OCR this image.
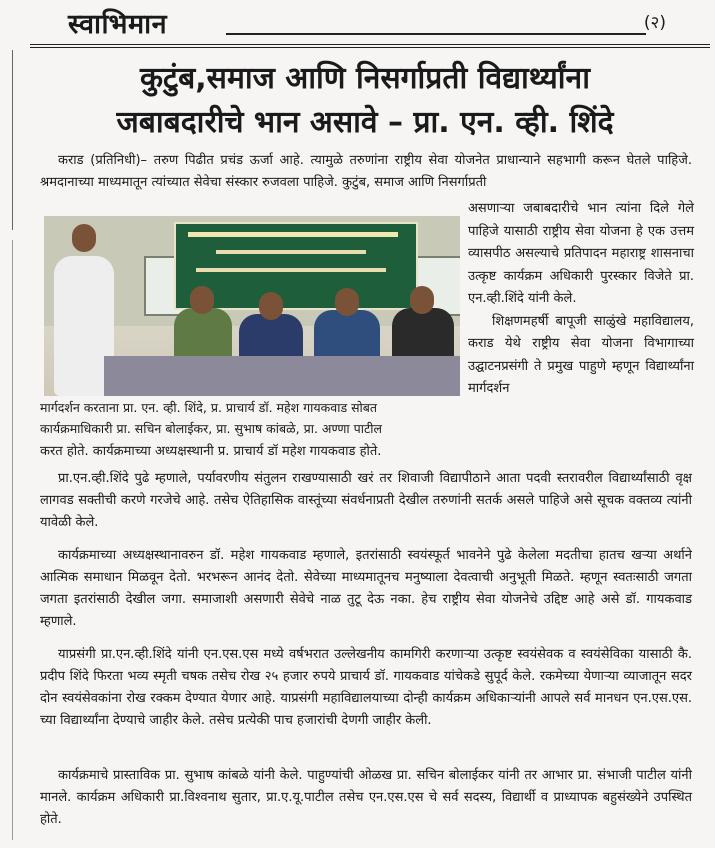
स्वाभिमान	(२)
कुटुंब,समाज आणि निसर्गाप्रती विद्यार्थ्यांना
जबाबदारीचे भान असावे – प्रा. एन. व्ही. शिंदे

कराड (प्रतिनिधी)– तरुण पिढीत प्रचंड ऊर्जा आहे. त्यामुळे तरुणांना राष्ट्रीय सेवा योजनेत प्राधान्याने सहभागी करून घेतले पाहिजे. श्रमदानाच्या माध्यमातून त्यांच्यात सेवेचा संस्कार रुजवला पाहिजे. कुटुंब, समाज आणि निसर्गाप्रती

असणाऱ्या जबाबदारीचे भान त्यांना दिले गेले पाहिजे यासाठी राष्ट्रीय सेवा योजना हे एक उत्तम व्यासपीठ असल्याचे प्रतिपादन महाराष्ट्र शासनाचा उत्कृष्ट कार्यक्रम अधिकारी पुरस्कार विजेते प्रा. एन.व्ही.शिंदे यांनी केले.

शिक्षणमहर्षी बापूजी साळुंखे महाविद्यालय, कराड येथे राष्ट्रीय सेवा योजना विभागाच्या उद्घाटनप्रसंगी ते प्रमुख पाहुणे म्हणून विद्यार्थ्यांना मार्गदर्शन

मार्गदर्शन करताना प्रा. एन. व्ही. शिंदे, प्र. प्राचार्य डॉ. महेश गायकवाड सोबत
कार्यक्रमाधिकारी प्रा. सचिन बोलाईकर, प्रा. सुभाष कांबळे, प्रा. अण्णा पाटील

करत होते. कार्यक्रमाच्या अध्यक्षस्थानी प्र. प्राचार्य डॉ महेश गायकवाड होते.

प्रा.एन.व्ही.शिंदे पुढे म्हणाले, पर्यावरणीय संतुलन राखण्यासाठी खरं तर शिवाजी विद्यापीठाने आता पदवी स्तरावरील विद्यार्थ्यांसाठी वृक्ष लागवड सक्तीची करणे गरजेचे आहे. तसेच ऐतिहासिक वास्तूंच्या संवर्धनाप्रती देखील तरुणांनी सतर्क असले पाहिजे असे सूचक वक्तव्य त्यांनी यावेळी केले.

कार्यक्रमाच्या अध्यक्षस्थानावरुन डॉ. महेश गायकवाड म्हणाले, इतरांसाठी स्वयंस्फूर्त भावनेने पुढे केलेला मदतीचा हातच खऱ्या अर्थाने आत्मिक समाधान मिळवून देतो. भरभरून आनंद देतो. सेवेच्या माध्यमातूनच मनुष्याला देवत्वाची अनुभूती मिळते. म्हणून स्वतःसाठी जगता जगता इतरांसाठी देखील जगा. समाजाशी असणारी सेवेचे नाळ तुटू देऊ नका. हेच राष्ट्रीय सेवा योजनेचे उद्दिष्ट आहे असे डॉ. गायकवाड म्हणाले.

याप्रसंगी प्रा.एन.व्ही.शिंदे यांनी एन.एस.एस मध्ये वर्षभरात उल्लेखनीय कामगिरी करणाऱ्या उत्कृष्ट स्वयंसेवक व स्वयंसेविका यासाठी कै. प्रदीप शिंदे फिरता भव्य स्मृती चषक तसेच रोख २५ हजार रुपये प्राचार्य डॉ. गायकवाड यांचेकडे सुपूर्द केले. रकमेच्या येणाऱ्या व्याजातून सदर दोन स्वयंसेवकांना रोख रक्कम देण्यात येणार आहे. याप्रसंगी महाविद्यालयाच्या दोन्ही कार्यक्रम अधिकाऱ्यांनी आपले सर्व मानधन एन.एस.एस. च्या विद्यार्थ्यांना देण्याचे जाहीर केले. तसेच प्रत्येकी पाच हजारांची देणगी जाहीर केली.

कार्यक्रमाचे प्रास्ताविक प्रा. सुभाष कांबळे यांनी केले. पाहुण्यांची ओळख प्रा. सचिन बोलाईकर यांनी तर आभार प्रा. संभाजी पाटील यांनी मानले. कार्यक्रम अधिकारी प्रा.विश्वनाथ सुतार, प्रा.ए.यू.पाटील तसेच एन.एस.एस चे सर्व सदस्य, विद्यार्थी व प्राध्यापक बहुसंख्येने उपस्थित होते.
